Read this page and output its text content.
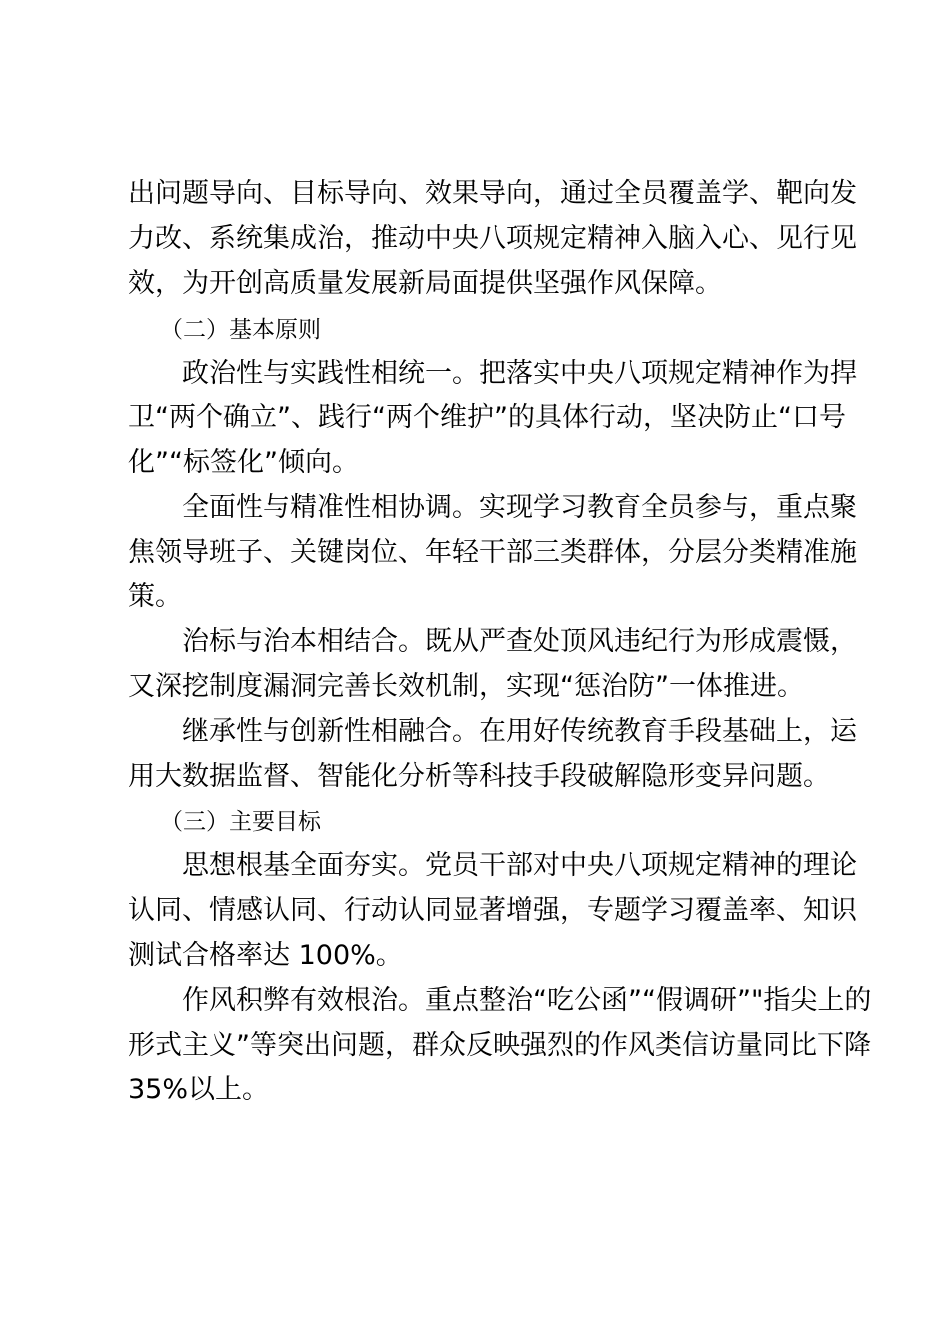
出问题导向、目标导向、效果导向，通过全员覆盖学、靶向发
力改、系统集成治，推动中央八项规定精神入脑入心、见行见
效，为开创高质量发展新局面提供坚强作风保障。
（二）基本原则
政治性与实践性相统一。把落实中央八项规定精神作为捍
卫“两个确立”、践行“两个维护”的具体行动，坚决防止“口号
化”“标签化”倾向。
全面性与精准性相协调。实现学习教育全员参与，重点聚
焦领导班子、关键岗位、年轻干部三类群体，分层分类精准施
策。
治标与治本相结合。既从严查处顶风违纪行为形成震慑，
又深挖制度漏洞完善长效机制，实现“惩治防”一体推进。
继承性与创新性相融合。在用好传统教育手段基础上，运
用大数据监督、智能化分析等科技手段破解隐形变异问题。
（三）主要目标
思想根基全面夯实。党员干部对中央八项规定精神的理论
认同、情感认同、行动认同显著增强，专题学习覆盖率、知识
测试合格率达 100%。
作风积弊有效根治。重点整治“吃公函”“假调研”"指尖上的
形式主义”等突出问题，群众反映强烈的作风类信访量同比下降
35%以上。
